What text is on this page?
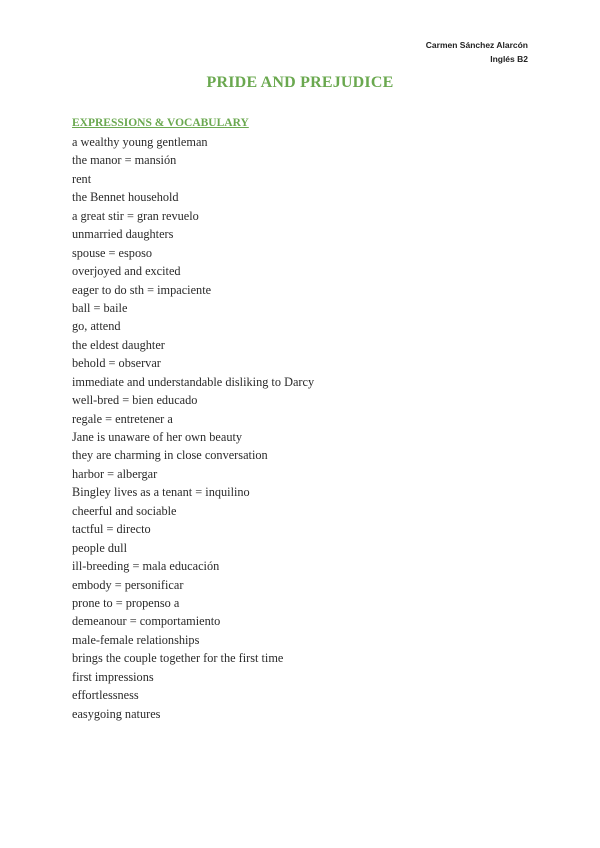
Carmen Sánchez Alarcón
Inglés B2
PRIDE AND PREJUDICE
EXPRESSIONS & VOCABULARY
a wealthy young gentleman
the manor = mansión
rent
the Bennet household
a great stir = gran revuelo
unmarried daughters
spouse = esposo
overjoyed and excited
eager to do sth = impaciente
ball = baile
go, attend
the eldest daughter
behold = observar
immediate and understandable disliking to Darcy
well-bred = bien educado
regale = entretener a
Jane is unaware of her own beauty
they are charming in close conversation
harbor = albergar
Bingley lives as a tenant = inquilino
cheerful and sociable
tactful = directo
people dull
ill-breeding = mala educación
embody = personificar
prone to = propenso a
demeanour = comportamiento
male-female relationships
brings the couple together for the first time
first impressions
effortlessness
easygoing natures
